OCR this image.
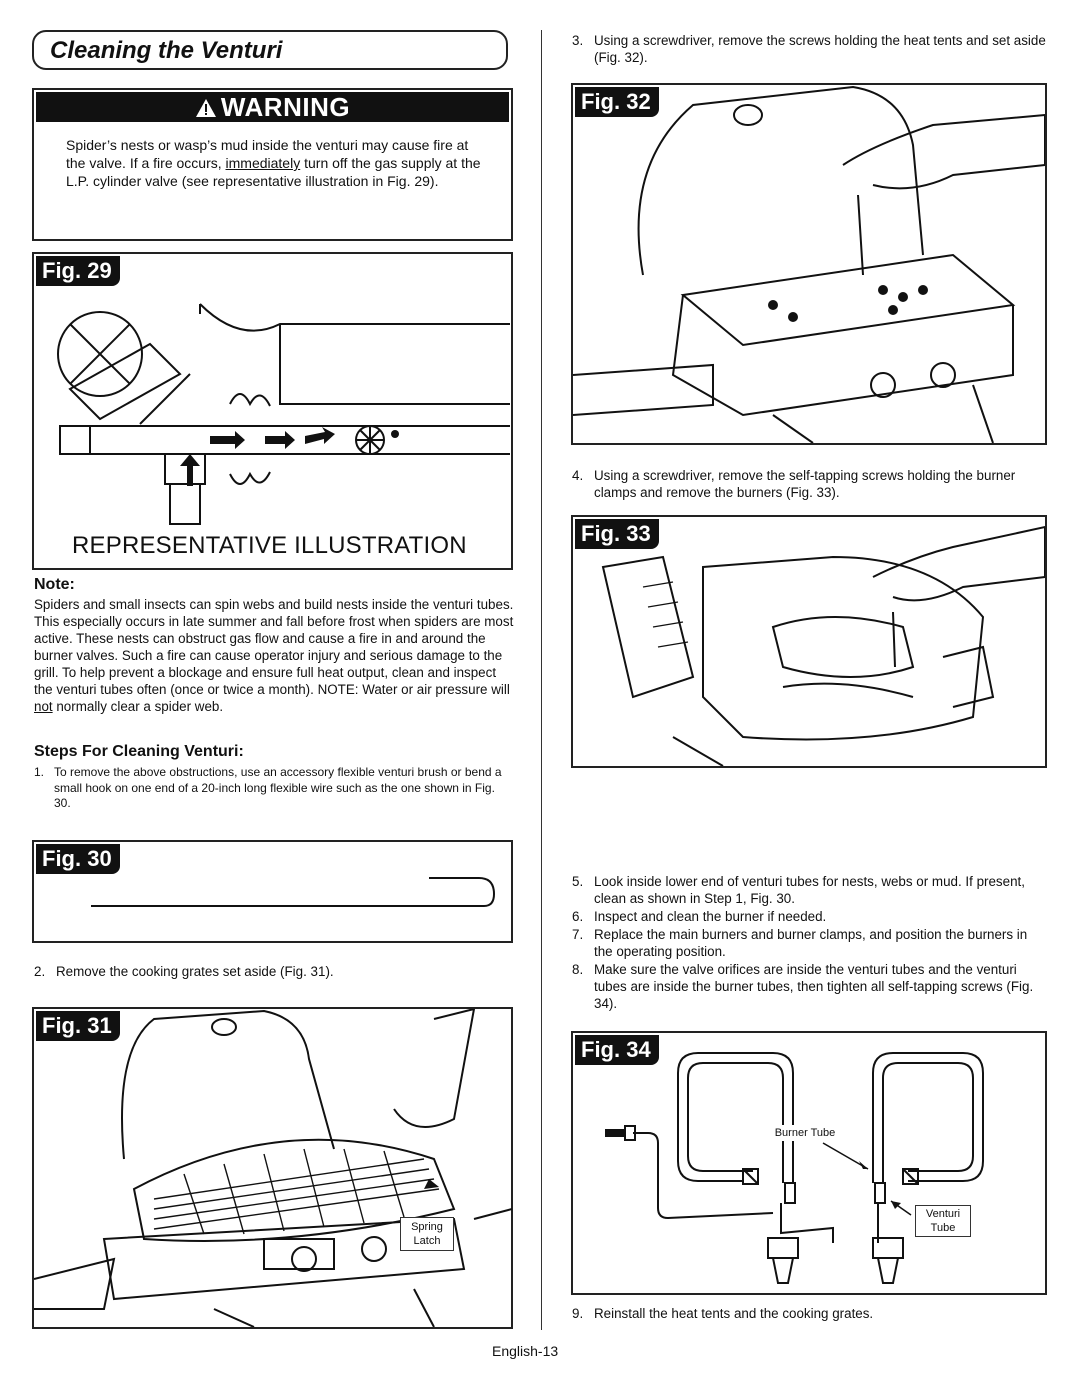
Cleaning the Venturi
WARNING
Spider’s nests or wasp’s mud inside the venturi may cause fire at the valve. If a fire occurs, immediately turn off the gas supply at the L.P. cylinder valve (see representative illustration in Fig. 29).
Fig. 29
REPRESENTATIVE ILLUSTRATION
Note:
Spiders and small insects can spin webs and build nests inside the venturi tubes. This especially occurs in late summer and fall before frost when spiders are most active. These nests can obstruct gas flow and cause a fire in and around the burner valves. Such a fire can cause operator injury and serious damage to the grill. To help prevent a blockage and ensure full heat output, clean and inspect the venturi tubes often (once or twice a month). NOTE: Water or air pressure will not normally clear a spider web.
Steps For Cleaning Venturi:
1. To remove the above obstructions, use an accessory flexible venturi brush or bend a small hook on one end of a 20-inch long flexible wire such as the one shown in Fig. 30.
Fig. 30
2. Remove the cooking grates set aside (Fig. 31).
Fig. 31
Spring Latch
3. Using a screwdriver, remove the screws holding the heat tents and set aside (Fig. 32).
Fig. 32
4. Using a screwdriver, remove the self-tapping screws holding the burner clamps and remove the burners (Fig. 33).
Fig. 33
5. Look inside lower end of venturi tubes for nests, webs or mud. If present, clean as shown in Step 1, Fig. 30.
6. Inspect and clean the burner if needed.
7. Replace the main burners and burner clamps, and position the burners in the operating position.
8. Make sure the valve orifices are inside the venturi tubes and the venturi tubes are inside the burner tubes, then tighten all self-tapping screws (Fig. 34).
Fig. 34
Burner Tube
Venturi Tube
9. Reinstall the heat tents and the cooking grates.
English-13
